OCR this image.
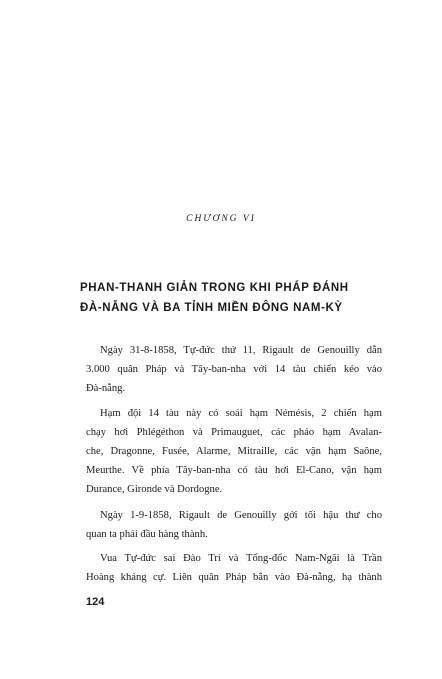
CHƯƠNG VI
PHAN-THANH GIẢN TRONG KHI PHÁP ĐÁNH
ĐÀ-NẴNG VÀ BA TỈNH MIỀN ĐÔNG NAM-KỲ
Ngày 31-8-1858, Tự-đức thứ 11, Rigault de Genouilly dẫn
3.000 quân Pháp và Tây-ban-nha với 14 tàu chiến kéo vào
Đà-nẵng.
Hạm đội 14 tàu này có soái hạm Némésis, 2 chiến hạm
chạy hơi Phlégéthon và Primauguet, các pháo hạm Avalan-
che, Dragonne, Fusée, Alarme, Mitraille, các vận hạm Saône,
Meurthe. Về phía Tây-ban-nha có tàu hơi El-Cano, vận hạm
Durance, Gironde và Dordogne.
Ngày 1-9-1858, Rigault de Genouilly gởi tối hậu thư cho
quan ta phải đầu hàng thành.
Vua Tự-đức sai Đào Trí và Tổng-đốc Nam-Ngãi là Trần
Hoàng kháng cự. Liên quân Pháp bắn vào Đà-nẵng, hạ thành
124
